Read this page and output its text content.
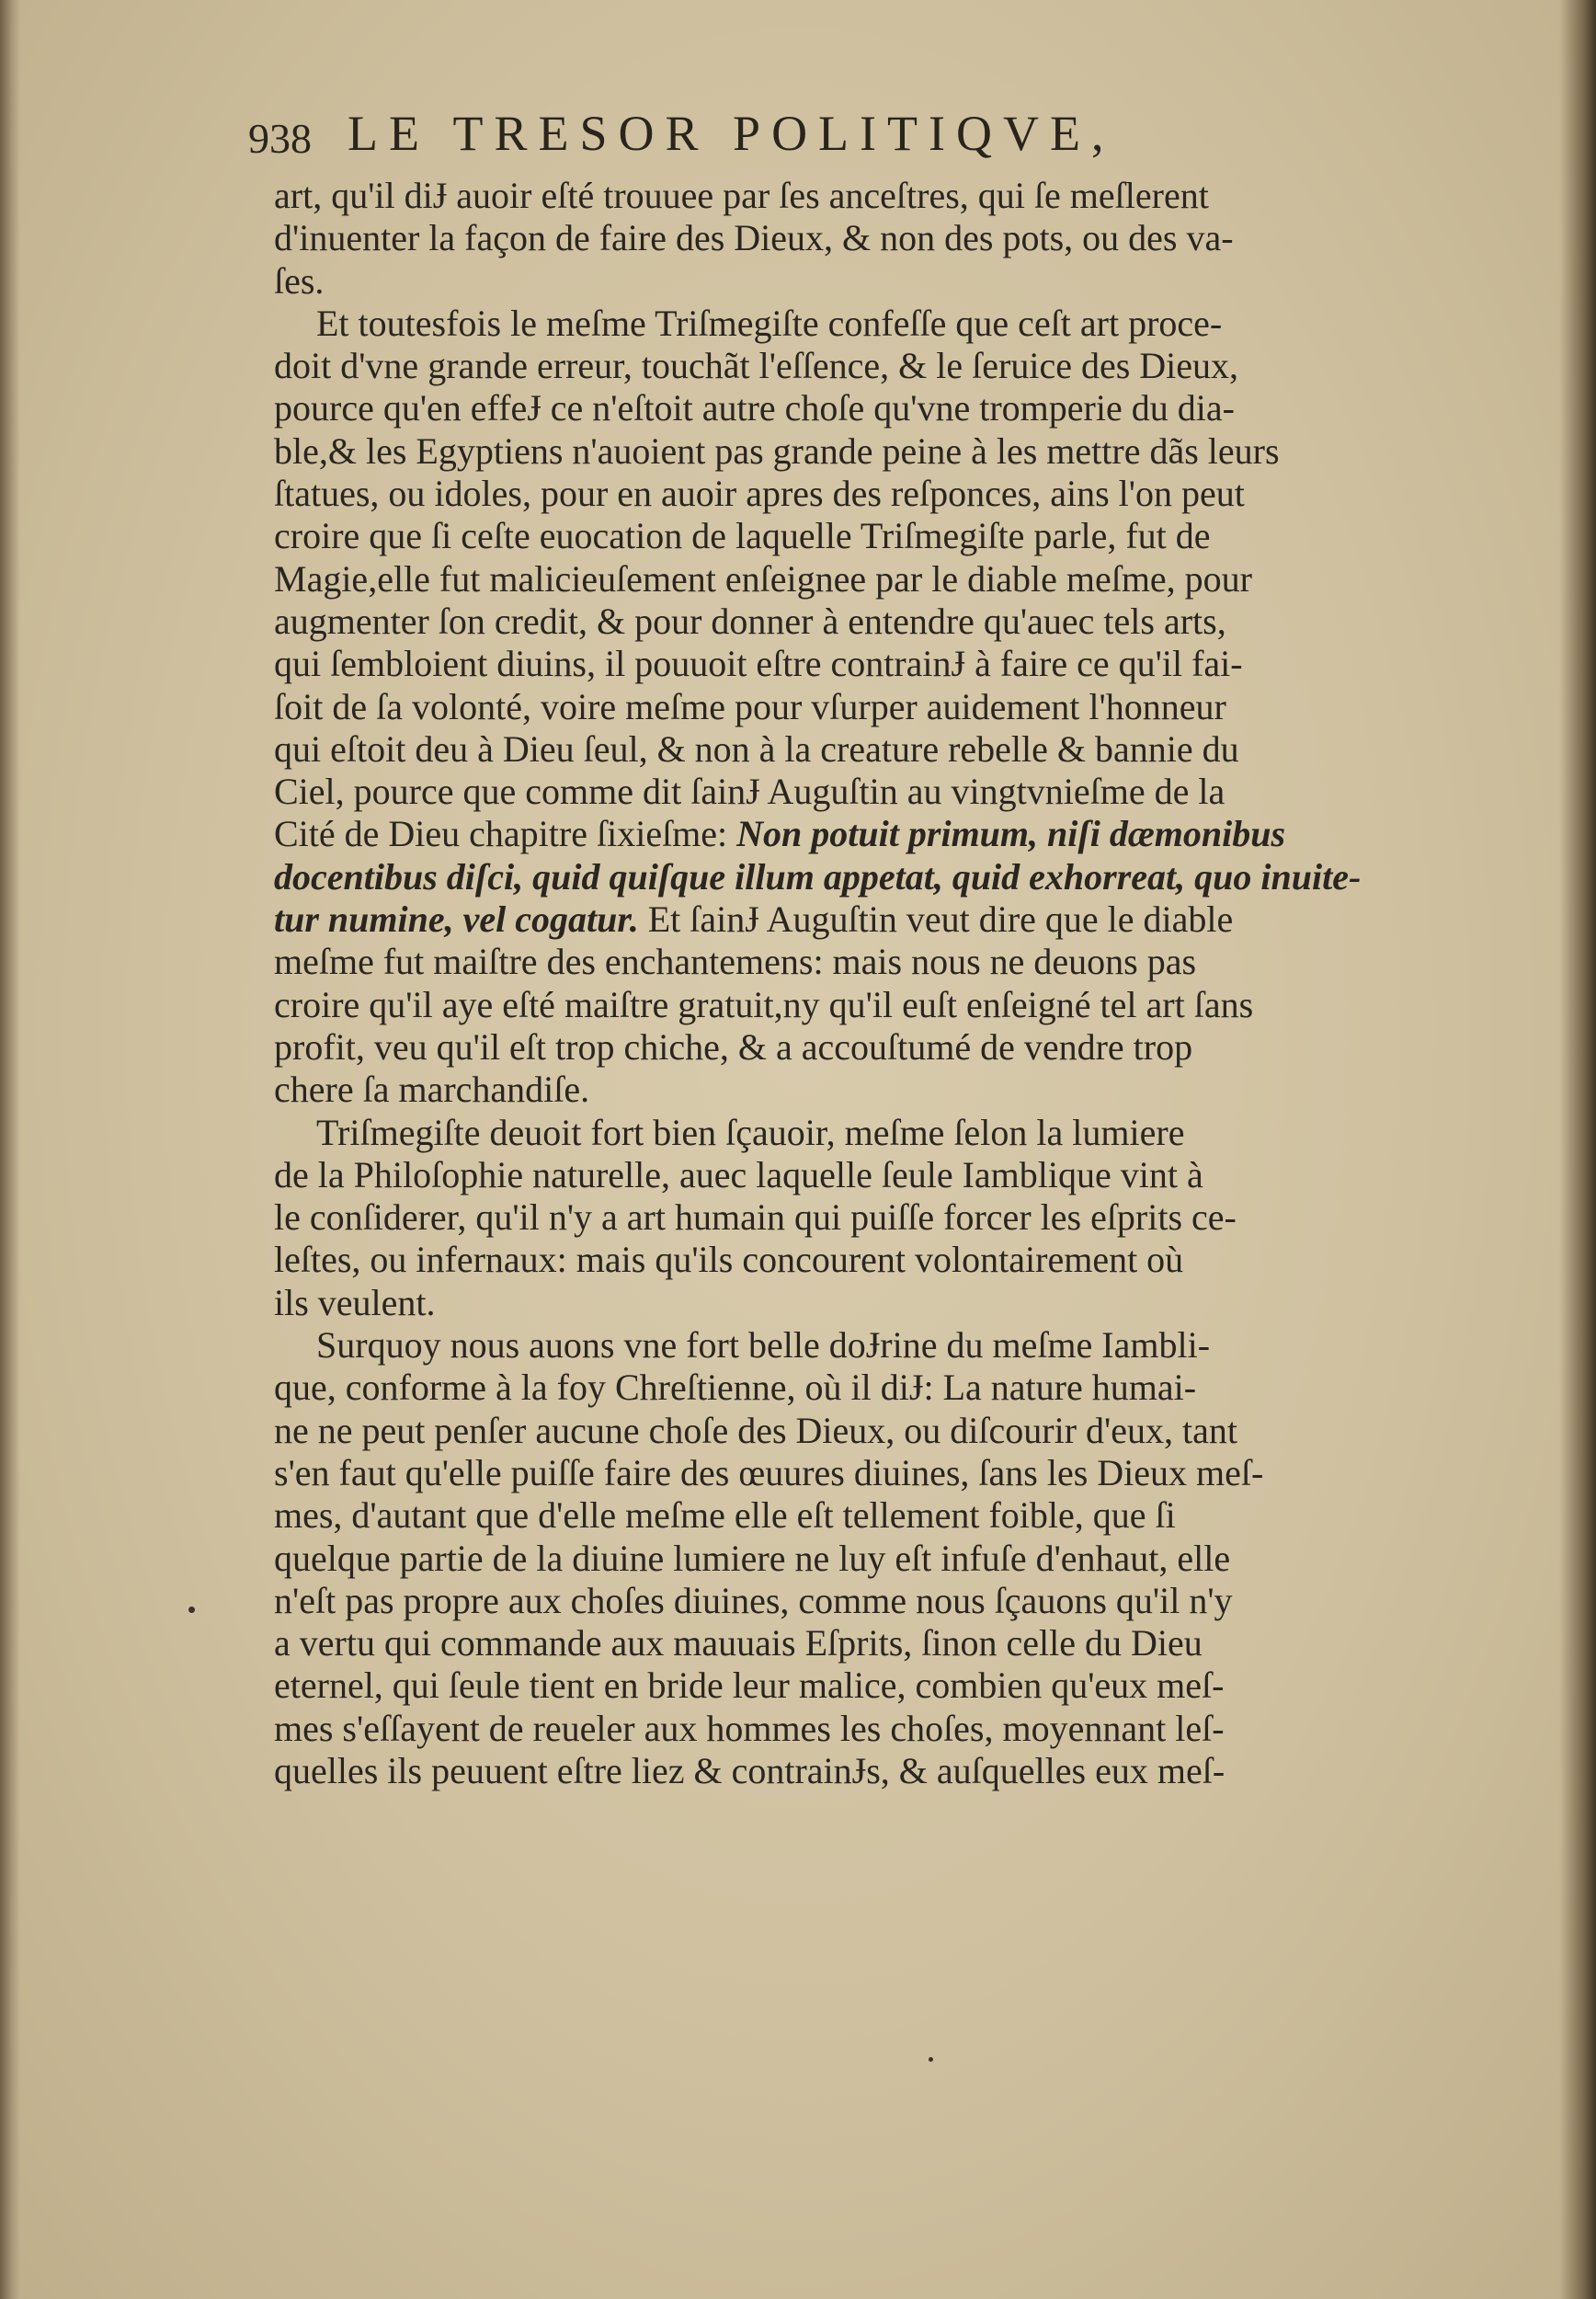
938 LE TRESOR POLITIQVE,
art, qu'il diɈ auoir eſté trouuee par ſes anceſtres, qui ſe meſlerent
d'inuenter la façon de faire des Dieux, & non des pots, ou des va-
ſes.
Et toutesfois le meſme Triſmegiſte confeſſe que ceſt art proce-
doit d'vne grande erreur, touchãt l'eſſence, & le ſeruice des Dieux,
pource qu'en effeɈ ce n'eſtoit autre choſe qu'vne tromperie du dia-
ble,& les Egyptiens n'auoient pas grande peine à les mettre dãs leurs
ſtatues, ou idoles, pour en auoir apres des reſponces, ains l'on peut
croire que ſi ceſte euocation de laquelle Triſmegiſte parle, fut de
Magie,elle fut malicieuſement enſeignee par le diable meſme, pour
augmenter ſon credit, & pour donner à entendre qu'auec tels arts,
qui ſembloient diuins, il pouuoit eſtre contrainɈ à faire ce qu'il fai-
ſoit de ſa volonté, voire meſme pour vſurper auidement l'honneur
qui eſtoit deu à Dieu ſeul, & non à la creature rebelle & bannie du
Ciel, pource que comme dit ſainɈ Auguſtin au vingtvnieſme de la
Cité de Dieu chapitre ſixieſme: Non potuit primum, niſi dæmonibus
docentibus diſci, quid quiſque illum appetat, quid exhorreat, quo inuite-
tur numine, vel cogatur. Et ſainɈ Auguſtin veut dire que le diable
meſme fut maiſtre des enchantemens: mais nous ne deuons pas
croire qu'il aye eſté maiſtre gratuit,ny qu'il euſt enſeigné tel art ſans
profit, veu qu'il eſt trop chiche, & a accouſtumé de vendre trop
chere ſa marchandiſe.
Triſmegiſte deuoit fort bien ſçauoir, meſme ſelon la lumiere
de la Philoſophie naturelle, auec laquelle ſeule Iamblique vint à
le conſiderer, qu'il n'y a art humain qui puiſſe forcer les eſprits ce-
leſtes, ou infernaux: mais qu'ils concourent volontairement où
ils veulent.
Surquoy nous auons vne fort belle doɈrine du meſme Iambli-
que, conforme à la foy Chreſtienne, où il diɈ: La nature humai-
ne ne peut penſer aucune choſe des Dieux, ou diſcourir d'eux, tant
s'en faut qu'elle puiſſe faire des œuures diuines, ſans les Dieux meſ-
mes, d'autant que d'elle meſme elle eſt tellement foible, que ſi
quelque partie de la diuine lumiere ne luy eſt infuſe d'enhaut, elle
n'eſt pas propre aux choſes diuines, comme nous ſçauons qu'il n'y
a vertu qui commande aux mauuais Eſprits, ſinon celle du Dieu
eternel, qui ſeule tient en bride leur malice, combien qu'eux meſ-
mes s'eſſayent de reueler aux hommes les choſes, moyennant leſ-
quelles ils peuuent eſtre liez & contrainɈs, & auſquelles eux meſ-
